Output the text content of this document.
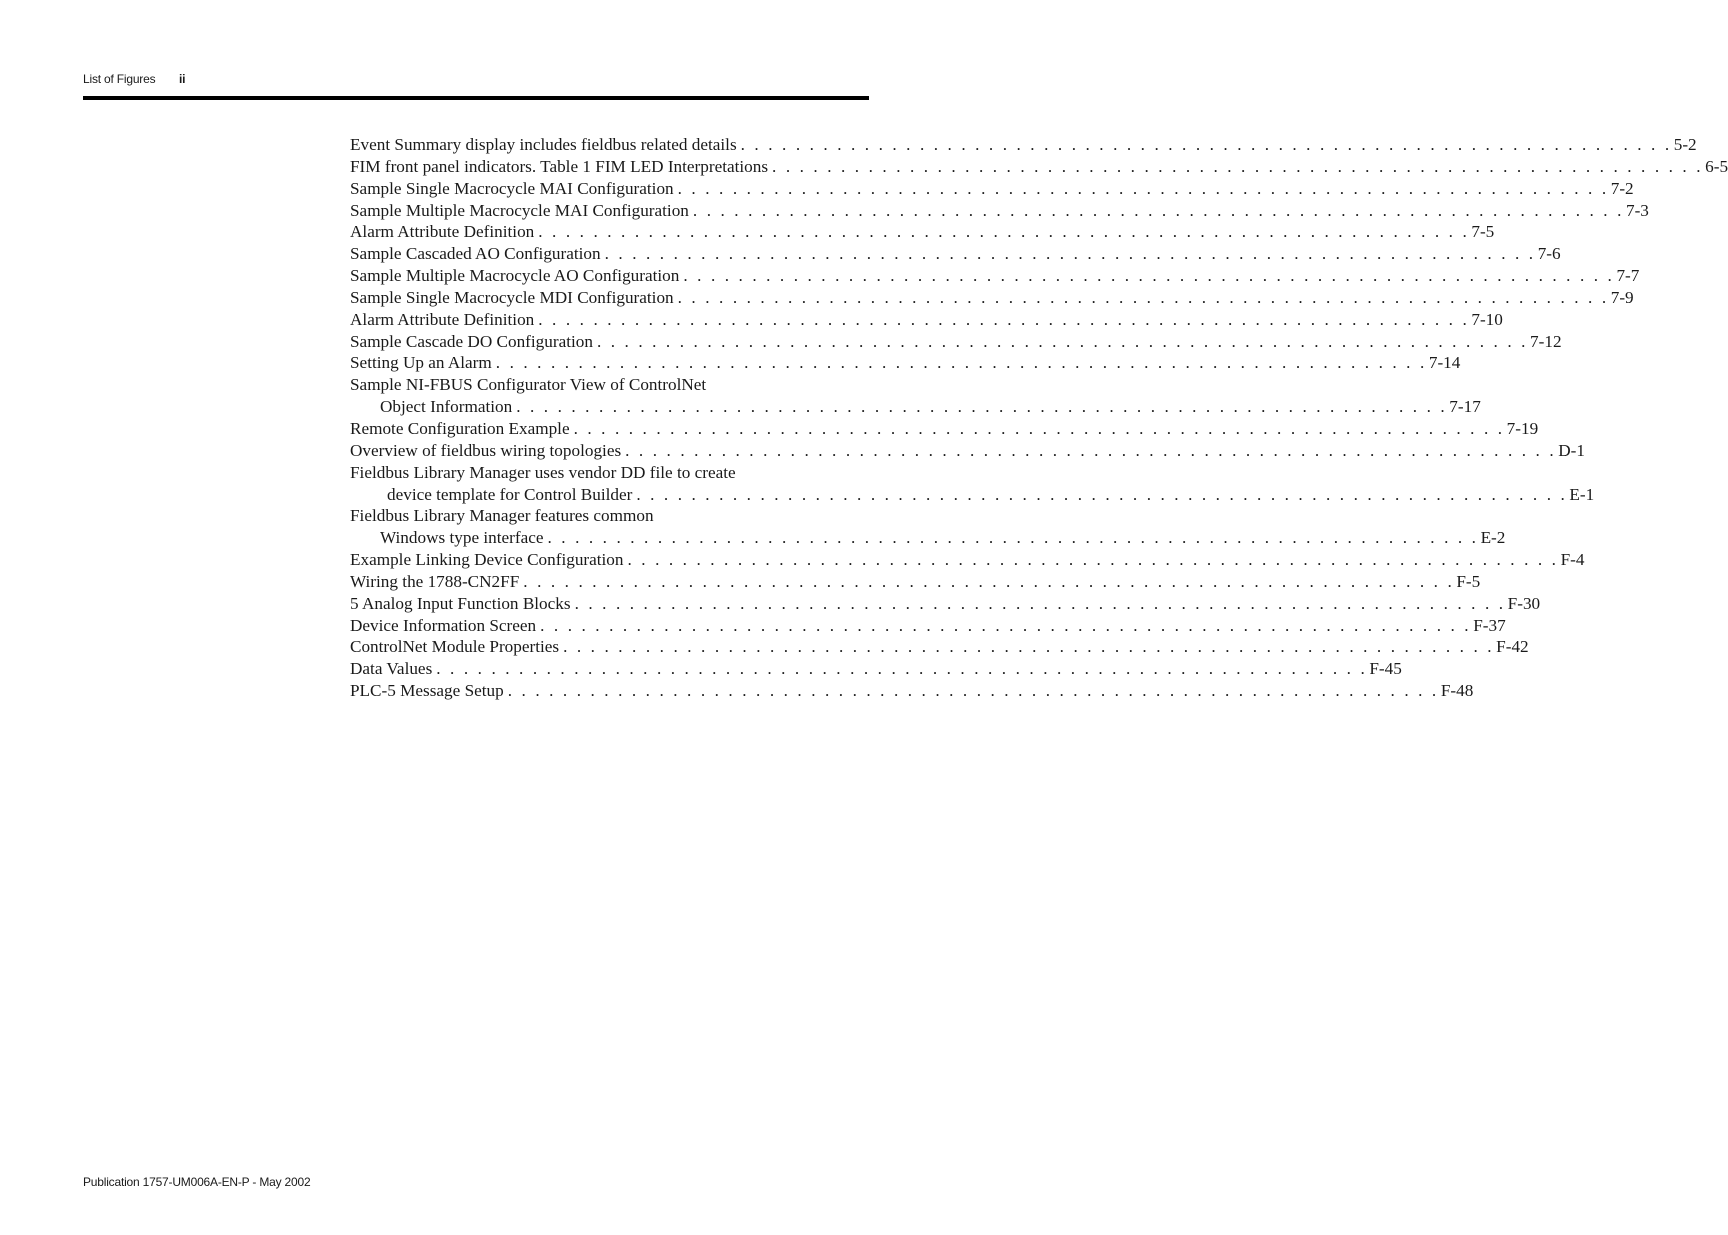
List of Figures ii
Event Summary display includes fieldbus related details . . . . . . . . . . . . . . . . . . . . . . . . . . . . . . . . . . . . . . . . . . . . . . . . . . . . . . . . . . . . . . . . . . . . 5-2
FIM front panel indicators. Table 1 FIM LED Interpretations . . . . . . . . . . . . . . . . . . . . . . . . . . . . . . . . . . . . . . . . . . . . . . . . . . . . . . . . . . . . . . . . . . . . 6-5
Sample Single Macrocycle MAI Configuration . . . . . . . . . . . . . . . . . . . . . . . . . . . . . . . . . . . . . . . . . . . . . . . . . . . . . . . . . . . . . . . . . . . . 7-2
Sample Multiple Macrocycle MAI Configuration . . . . . . . . . . . . . . . . . . . . . . . . . . . . . . . . . . . . . . . . . . . . . . . . . . . . . . . . . . . . . . . . . . . . 7-3
Alarm Attribute Definition . . . . . . . . . . . . . . . . . . . . . . . . . . . . . . . . . . . . . . . . . . . . . . . . . . . . . . . . . . . . . . . . . . . . 7-5
Sample Cascaded AO Configuration . . . . . . . . . . . . . . . . . . . . . . . . . . . . . . . . . . . . . . . . . . . . . . . . . . . . . . . . . . . . . . . . . . . . 7-6
Sample Multiple Macrocycle AO Configuration . . . . . . . . . . . . . . . . . . . . . . . . . . . . . . . . . . . . . . . . . . . . . . . . . . . . . . . . . . . . . . . . . . . . 7-7
Sample Single Macrocycle MDI Configuration . . . . . . . . . . . . . . . . . . . . . . . . . . . . . . . . . . . . . . . . . . . . . . . . . . . . . . . . . . . . . . . . . . . . 7-9
Alarm Attribute Definition . . . . . . . . . . . . . . . . . . . . . . . . . . . . . . . . . . . . . . . . . . . . . . . . . . . . . . . . . . . . . . . . . . . . 7-10
Sample Cascade DO Configuration . . . . . . . . . . . . . . . . . . . . . . . . . . . . . . . . . . . . . . . . . . . . . . . . . . . . . . . . . . . . . . . . . . . . 7-12
Setting Up an Alarm . . . . . . . . . . . . . . . . . . . . . . . . . . . . . . . . . . . . . . . . . . . . . . . . . . . . . . . . . . . . . . . . . . . . 7-14
Sample NI-FBUS Configurator View of ControlNet
Object Information . . . . . . . . . . . . . . . . . . . . . . . . . . . . . . . . . . . . . . . . . . . . . . . . . . . . . . . . . . . . . . . . . . . . 7-17
Remote Configuration Example . . . . . . . . . . . . . . . . . . . . . . . . . . . . . . . . . . . . . . . . . . . . . . . . . . . . . . . . . . . . . . . . . . . . 7-19
Overview of fieldbus wiring topologies . . . . . . . . . . . . . . . . . . . . . . . . . . . . . . . . . . . . . . . . . . . . . . . . . . . . . . . . . . . . . . . . . . . . D-1
Fieldbus Library Manager uses vendor DD file to create
device template for Control Builder . . . . . . . . . . . . . . . . . . . . . . . . . . . . . . . . . . . . . . . . . . . . . . . . . . . . . . . . . . . . . . . . . . . . E-1
Fieldbus Library Manager features common
Windows type interface . . . . . . . . . . . . . . . . . . . . . . . . . . . . . . . . . . . . . . . . . . . . . . . . . . . . . . . . . . . . . . . . . . . . E-2
Example Linking Device Configuration . . . . . . . . . . . . . . . . . . . . . . . . . . . . . . . . . . . . . . . . . . . . . . . . . . . . . . . . . . . . . . . . . . . . F-4
Wiring the 1788-CN2FF . . . . . . . . . . . . . . . . . . . . . . . . . . . . . . . . . . . . . . . . . . . . . . . . . . . . . . . . . . . . . . . . . . . . F-5
5 Analog Input Function Blocks . . . . . . . . . . . . . . . . . . . . . . . . . . . . . . . . . . . . . . . . . . . . . . . . . . . . . . . . . . . . . . . . . . . . F-30
Device Information Screen . . . . . . . . . . . . . . . . . . . . . . . . . . . . . . . . . . . . . . . . . . . . . . . . . . . . . . . . . . . . . . . . . . . . F-37
ControlNet Module Properties . . . . . . . . . . . . . . . . . . . . . . . . . . . . . . . . . . . . . . . . . . . . . . . . . . . . . . . . . . . . . . . . . . . . F-42
Data Values . . . . . . . . . . . . . . . . . . . . . . . . . . . . . . . . . . . . . . . . . . . . . . . . . . . . . . . . . . . . . . . . . . . . F-45
PLC-5 Message Setup . . . . . . . . . . . . . . . . . . . . . . . . . . . . . . . . . . . . . . . . . . . . . . . . . . . . . . . . . . . . . . . . . . . . F-48
Publication 1757-UM006A-EN-P - May 2002
